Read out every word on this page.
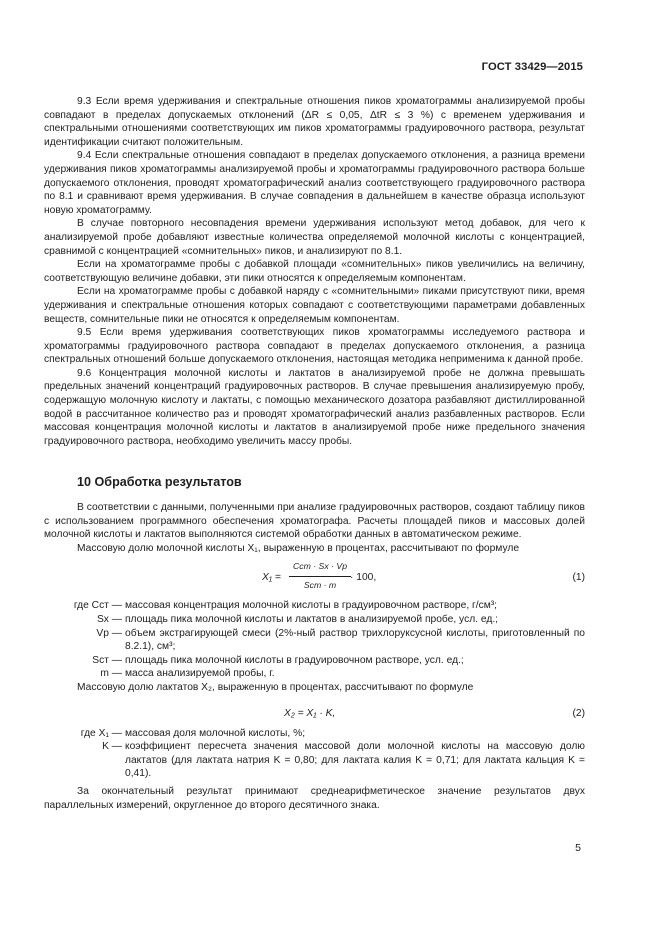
ГОСТ 33429—2015

9.3 Если время удерживания и спектральные отношения пиков хроматограммы анализируемой пробы совпадают в пределах допускаемых отклонений (ΔR ≤ 0,05, ΔtR ≤ 3 %) с временем удерживания и спектральными отношениями соответствующих им пиков хроматограммы градуировочного раствора, результат идентификации считают положительным.

9.4 Если спектральные отношения совпадают в пределах допускаемого отклонения, а разница времени удерживания пиков хроматограммы анализируемой пробы и хроматограммы градуировочного раствора больше допускаемого отклонения, проводят хроматографический анализ соответствующего градуировочного раствора по 8.1 и сравнивают время удерживания. В случае совпадения в дальнейшем в качестве образца используют новую хроматограмму.

В случае повторного несовпадения времени удерживания используют метод добавок, для чего к анализируемой пробе добавляют известные количества определяемой молочной кислоты с концентрацией, сравнимой с концентрацией «сомнительных» пиков, и анализируют по 8.1.

Если на хроматограмме пробы с добавкой площади «сомнительных» пиков увеличились на величину, соответствующую величине добавки, эти пики относятся к определяемым компонентам.

Если на хроматограмме пробы с добавкой наряду с «сомнительными» пиками присутствуют пики, время удерживания и спектральные отношения которых совпадают с соответствующими параметрами добавленных веществ, сомнительные пики не относятся к определяемым компонентам.

9.5 Если время удерживания соответствующих пиков хроматограммы исследуемого раствора и хроматограммы градуировочного раствора совпадают в пределах допускаемого отклонения, а разница спектральных отношений больше допускаемого отклонения, настоящая методика неприменима к данной пробе.

9.6 Концентрация молочной кислоты и лактатов в анализируемой пробе не должна превышать предельных значений концентраций градуировочных растворов. В случае превышения анализируемую пробу, содержащую молочную кислоту и лактаты, с помощью механического дозатора разбавляют дистиллированной водой в рассчитанное количество раз и проводят хроматографический анализ разбавленных растворов. Если массовая концентрация молочной кислоты и лактатов в анализируемой пробе ниже предельного значения градуировочного раствора, необходимо увеличить массу пробы.

10 Обработка результатов

В соответствии с данными, полученными при анализе градуировочных растворов, создают таблицу пиков с использованием программного обеспечения хроматографа. Расчеты площадей пиков и массовых долей молочной кислоты и лактатов выполняются системой обработки данных в автоматическом режиме.

Массовую долю молочной кислоты X₁, выраженную в процентах, рассчитывают по формуле

X₁ =
Cст · Sx · Vр
Sст · m
· 100,	(1)
где Cст — массовая концентрация молочной кислоты в градуировочном растворе, г/см³;
Sx — площадь пика молочной кислоты и лактатов в анализируемой пробе, усл. ед.;
Vр — объем экстрагирующей смеси (2%-ный раствор трихлоруксусной кислоты, приготовленный по 8.2.1), см³;
Sст — площадь пика молочной кислоты в градуировочном растворе, усл. ед.;
m — масса анализируемой пробы, г.

Массовую долю лактатов X₂, выраженную в процентах, рассчитывают по формуле

X₂ = X₁ · K,	(2)
где X₁ — массовая доля молочной кислоты, %;
K — коэффициент пересчета значения массовой доли молочной кислоты на массовую долю лактатов (для лактата натрия K = 0,80; для лактата калия K = 0,71; для лактата кальция K = 0,41).

За окончательный результат принимают среднеарифметическое значение результатов двух параллельных измерений, округленное до второго десятичного знака.

5
